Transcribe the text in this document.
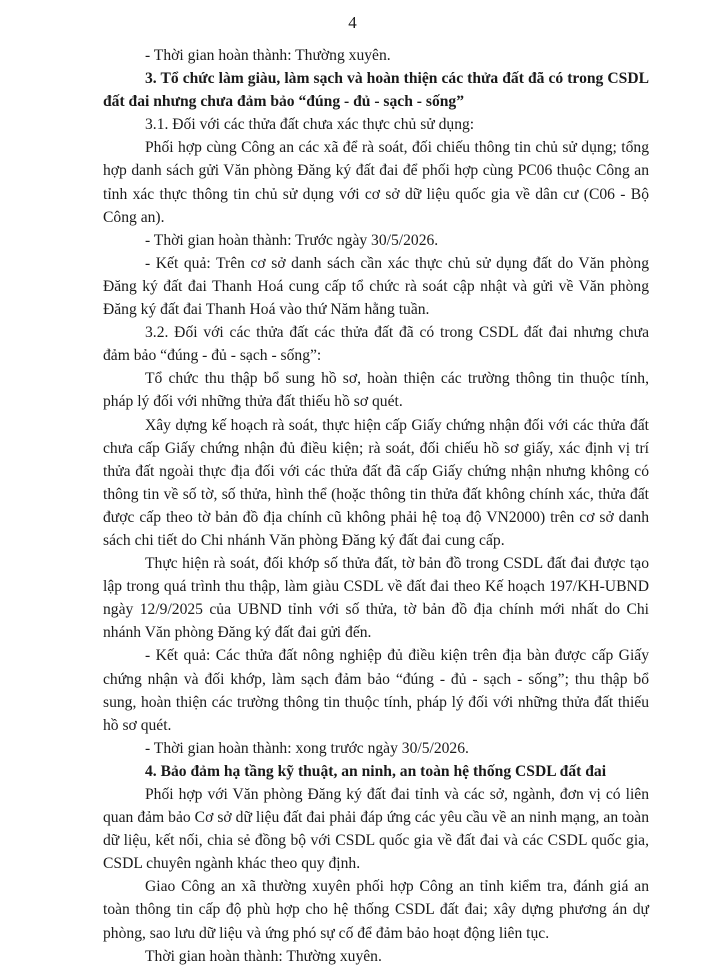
4

- Thời gian hoàn thành: Thường xuyên.

3. Tổ chức làm giàu, làm sạch và hoàn thiện các thửa đất đã có trong CSDL đất đai nhưng chưa đảm bảo “đúng - đủ - sạch - sống”

3.1. Đối với các thửa đất chưa xác thực chủ sử dụng:

Phối hợp cùng Công an các xã để rà soát, đối chiếu thông tin chủ sử dụng; tổng hợp danh sách gửi Văn phòng Đăng ký đất đai để phối hợp cùng PC06 thuộc Công an tỉnh xác thực thông tin chủ sử dụng với cơ sở dữ liệu quốc gia về dân cư (C06 - Bộ Công an).

- Thời gian hoàn thành: Trước ngày 30/5/2026.

- Kết quả: Trên cơ sở danh sách cần xác thực chủ sử dụng đất do Văn phòng Đăng ký đất đai Thanh Hoá cung cấp tổ chức rà soát cập nhật và gửi về Văn phòng Đăng ký đất đai Thanh Hoá vào thứ Năm hằng tuần.

3.2. Đối với các thửa đất các thửa đất đã có trong CSDL đất đai nhưng chưa đảm bảo “đúng - đủ - sạch - sống”:

Tổ chức thu thập bổ sung hồ sơ, hoàn thiện các trường thông tin thuộc tính, pháp lý đối với những thửa đất thiếu hồ sơ quét.

Xây dựng kế hoạch rà soát, thực hiện cấp Giấy chứng nhận đối với các thửa đất chưa cấp Giấy chứng nhận đủ điều kiện; rà soát, đối chiếu hồ sơ giấy, xác định vị trí thửa đất ngoài thực địa đối với các thửa đất đã cấp Giấy chứng nhận nhưng không có thông tin về số tờ, số thửa, hình thể (hoặc thông tin thửa đất không chính xác, thửa đất được cấp theo tờ bản đồ địa chính cũ không phải hệ toạ độ VN2000) trên cơ sở danh sách chi tiết do Chi nhánh Văn phòng Đăng ký đất đai cung cấp.

Thực hiện rà soát, đối khớp số thửa đất, tờ bản đồ trong CSDL đất đai được tạo lập trong quá trình thu thập, làm giàu CSDL về đất đai theo Kế hoạch 197/KH-UBND ngày 12/9/2025 của UBND tỉnh với số thửa, tờ bản đồ địa chính mới nhất do Chi nhánh Văn phòng Đăng ký đất đai gửi đến.

- Kết quả: Các thửa đất nông nghiệp đủ điều kiện trên địa bàn được cấp Giấy chứng nhận và đối khớp, làm sạch đảm bảo “đúng - đủ - sạch - sống”; thu thập bổ sung, hoàn thiện các trường thông tin thuộc tính, pháp lý đối với những thửa đất thiếu hồ sơ quét.

- Thời gian hoàn thành: xong trước ngày 30/5/2026.

4. Bảo đảm hạ tầng kỹ thuật, an ninh, an toàn hệ thống CSDL đất đai

Phối hợp với Văn phòng Đăng ký đất đai tỉnh và các sở, ngành, đơn vị có liên quan đảm bảo Cơ sở dữ liệu đất đai phải đáp ứng các yêu cầu về an ninh mạng, an toàn dữ liệu, kết nối, chia sẻ đồng bộ với CSDL quốc gia về đất đai và các CSDL quốc gia, CSDL chuyên ngành khác theo quy định.

Giao Công an xã thường xuyên phối hợp Công an tỉnh kiểm tra, đánh giá an toàn thông tin cấp độ phù hợp cho hệ thống CSDL đất đai; xây dựng phương án dự phòng, sao lưu dữ liệu và ứng phó sự cố để đảm bảo hoạt động liên tục.

Thời gian hoàn thành: Thường xuyên.
